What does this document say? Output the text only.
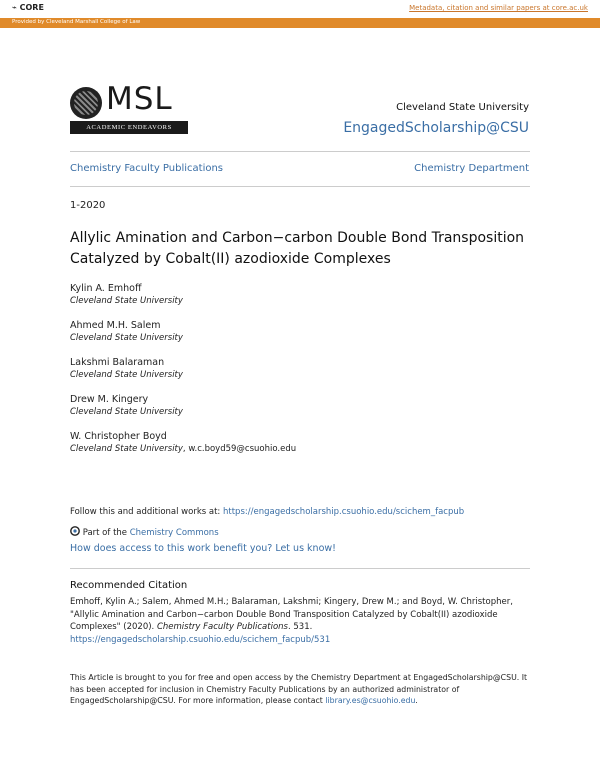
⌁ CORE	Metadata, citation and similar papers at core.ac.uk
Provided by Cleveland Marshall College of Law
MSL
ACADEMIC ENDEAVORS
Cleveland State University
EngagedScholarship@CSU
Chemistry Faculty Publications	Chemistry Department
1-2020
Allylic Amination and Carbon−carbon Double Bond Transposition Catalyzed by Cobalt(II) azodioxide Complexes
Kylin A. Emhoff
Cleveland State University
Ahmed M.H. Salem
Cleveland State University
Lakshmi Balaraman
Cleveland State University
Drew M. Kingery
Cleveland State University
W. Christopher Boyd
Cleveland State University, w.c.boyd59@csuohio.edu
Follow this and additional works at: https://engagedscholarship.csuohio.edu/scichem_facpub
Part of the Chemistry Commons
How does access to this work benefit you? Let us know!
Recommended Citation
Emhoff, Kylin A.; Salem, Ahmed M.H.; Balaraman, Lakshmi; Kingery, Drew M.; and Boyd, W. Christopher, "Allylic Amination and Carbon−carbon Double Bond Transposition Catalyzed by Cobalt(II) azodioxide Complexes" (2020). Chemistry Faculty Publications. 531.
https://engagedscholarship.csuohio.edu/scichem_facpub/531
This Article is brought to you for free and open access by the Chemistry Department at EngagedScholarship@CSU. It has been accepted for inclusion in Chemistry Faculty Publications by an authorized administrator of EngagedScholarship@CSU. For more information, please contact library.es@csuohio.edu.
